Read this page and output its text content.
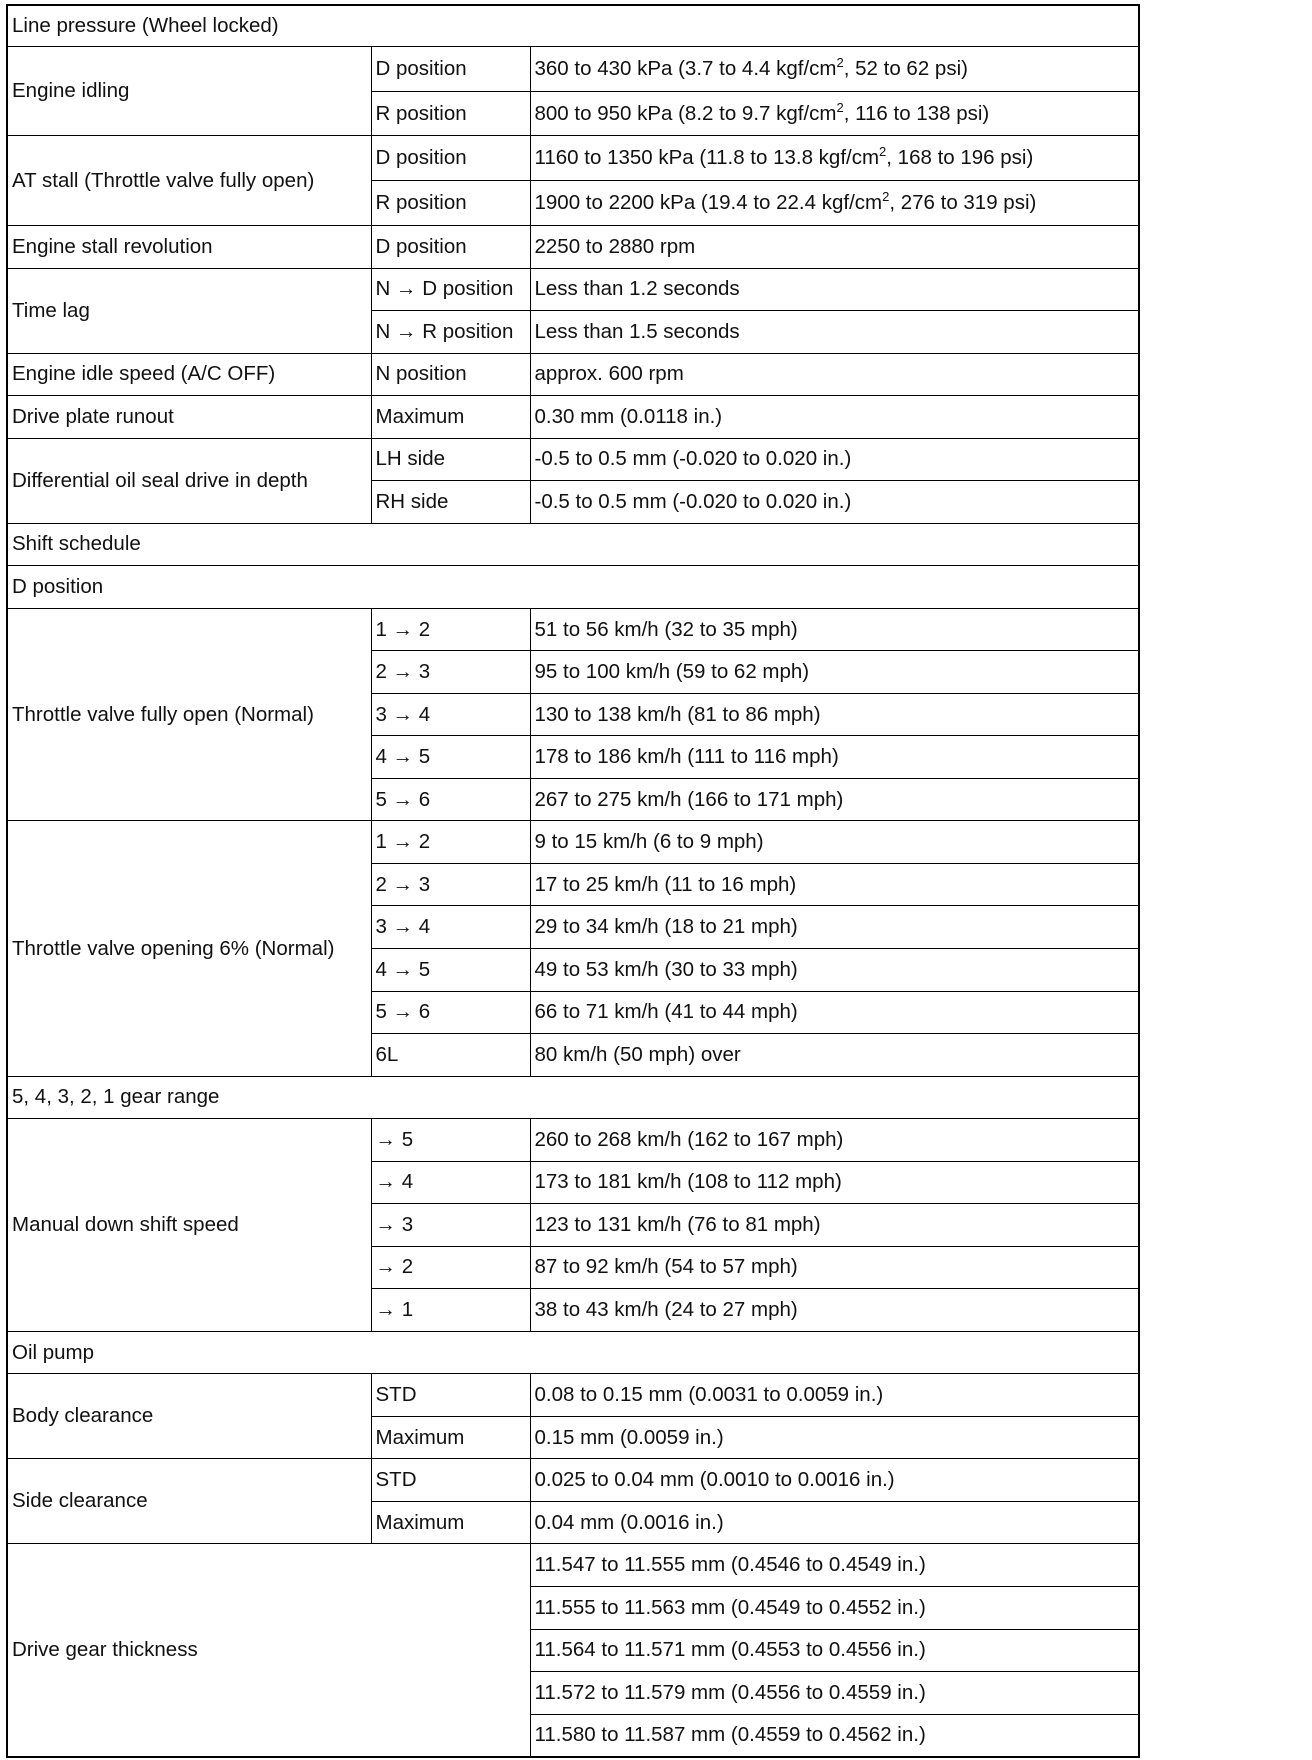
Line pressure (Wheel locked)		
Engine idling	D position	360 to 430 kPa (3.7 to 4.4 kgf/$cm^2$, 52 to 62 psi)
	R position	800 to 950 kPa (8.2 to 9.7 kgf/$cm^2$, 116 to 138 psi)
AT stall (Throttle valve fully open)	D position	1160 to 1350 kPa (11.8 to 13.8 kgf/$cm^2$, 168 to 196 psi)
	R position	1900 to 2200 kPa (19.4 to 22.4 kgf/$cm^2$, 276 to 319 psi)
Engine stall revolution	D position	2250 to 2880 rpm
Time lag	N → D position	Less than 1.2 seconds
	N → R position	Less than 1.5 seconds
Engine idle speed (A/C OFF)	N position	approx. 600 rpm
Drive plate runout	Maximum	0.30 mm (0.0118 in.)
Differential oil seal drive in depth	LH side	-0.5 to 0.5 mm (-0.020 to 0.020 in.)
	RH side	-0.5 to 0.5 mm (-0.020 to 0.020 in.)
Shift schedule		
D position		
Throttle valve fully open (Normal)	1 → 2	51 to 56 km/h (32 to 35 mph)
	2 → 3	95 to 100 km/h (59 to 62 mph)
	3 → 4	130 to 138 km/h (81 to 86 mph)
	4 → 5	178 to 186 km/h (111 to 116 mph)
	5 → 6	267 to 275 km/h (166 to 171 mph)
Throttle valve opening 6% (Normal)	1 → 2	9 to 15 km/h (6 to 9 mph)
	2 → 3	17 to 25 km/h (11 to 16 mph)
	3 → 4	29 to 34 km/h (18 to 21 mph)
	4 → 5	49 to 53 km/h (30 to 33 mph)
	5 → 6	66 to 71 km/h (41 to 44 mph)
	6L	80 km/h (50 mph) over
5, 4, 3, 2, 1 gear range		
Manual down shift speed	→ 5	260 to 268 km/h (162 to 167 mph)
	→ 4	173 to 181 km/h (108 to 112 mph)
	→ 3	123 to 131 km/h (76 to 81 mph)
	→ 2	87 to 92 km/h (54 to 57 mph)
	→ 1	38 to 43 km/h (24 to 27 mph)
Oil pump		
Body clearance	STD	0.08 to 0.15 mm (0.0031 to 0.0059 in.)
	Maximum	0.15 mm (0.0059 in.)
Side clearance	STD	0.025 to 0.04 mm (0.0010 to 0.0016 in.)
	Maximum	0.04 mm (0.0016 in.)
Drive gear thickness		11.547 to 11.555 mm (0.4546 to 0.4549 in.)
		11.555 to 11.563 mm (0.4549 to 0.4552 in.)
		11.564 to 11.571 mm (0.4553 to 0.4556 in.)
		11.572 to 11.579 mm (0.4556 to 0.4559 in.)
		11.580 to 11.587 mm (0.4559 to 0.4562 in.)
